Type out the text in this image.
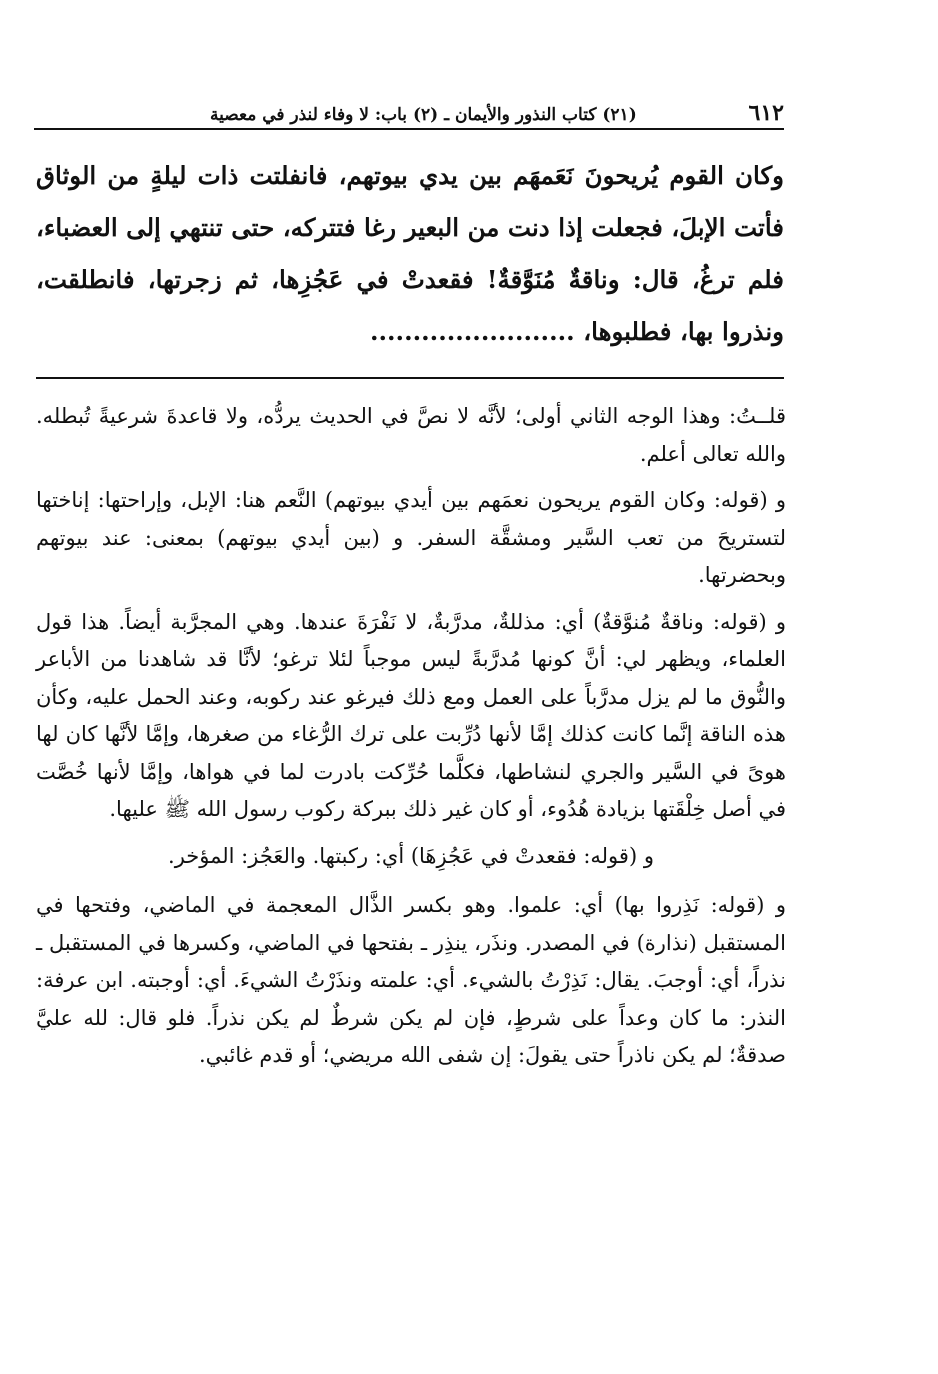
٦١٢
(٢١) كتاب النذور والأيمان ـ (٢) باب: لا وفاء لنذر في معصية

وكان القوم يُريحونَ نَعَمهَم بين يدي بيوتهم، فانفلتت ذات ليلةٍ من الوثاق فأتت الإبلَ، فجعلت إذا دنت من البعير رغا فتتركه، حتى تنتهي إلى العضباء، فلم ترغُ، قال: وناقةٌ مُنَوَّقةٌ! فقعدتْ في عَجُزِها، ثم زجرتها، فانطلقت، ونذروا بها، فطلبوها، ........................

قلــتُ: وهذا الوجه الثاني أولى؛ لأنَّه لا نصَّ في الحديث يردُّه، ولا قاعدةَ شرعيةً تُبطله. والله تعالى أعلم.

و (قوله: وكان القوم يريحون نعمَهم بين أيدي بيوتهم) النَّعم هنا: الإبل، وإراحتها: إناختها لتستريحَ من تعب السَّير ومشقَّة السفر. و (بين أيدي بيوتهم) بمعنى: عند بيوتهم وبحضرتها.

و (قوله: وناقةٌ مُنوَّقةٌ) أي: مذللةٌ، مدرَّبةٌ، لا نَفْرَةَ عندها. وهي المجرَّبة أيضاً. هذا قول العلماء، ويظهر لي: أنَّ كونها مُدرَّبةً ليس موجباً لئلا ترغو؛ لأنَّا قد شاهدنا من الأباعر والنُّوق ما لم يزل مدرَّباً على العمل ومع ذلك فيرغو عند ركوبه، وعند الحمل عليه، وكأن هذه الناقة إنَّما كانت كذلك إمَّا لأنها دُرِّبت على ترك الرُّغاء من صغرها، وإمَّا لأنَّها كان لها هوىً في السَّير والجري لنشاطها، فكلَّما حُرِّكت بادرت لما في هواها، وإمَّا لأنها خُصَّت في أصل خِلْقَتها بزيادة هُدُوء، أو كان غير ذلك ببركة ركوب رسول الله ﷺ عليها.

و (قوله: فقعدتْ في عَجُزِهَا) أي: ركبتها. والعَجُز: المؤخر.

و (قوله: نَذِروا بها) أي: علموا. وهو بكسر الذَّال المعجمة في الماضي، وفتحها في المستقبل (نذارة) في المصدر. ونذَر، ينذِر ـ بفتحها في الماضي، وكسرها في المستقبل ـ نذراً، أي: أوجبَ. يقال: نَذِرْتُ بالشيء. أي: علمته ونذَرْتُ الشيءَ. أي: أوجبته. ابن عرفة: النذر: ما كان وعداً على شرطٍ، فإن لم يكن شرطٌ لم يكن نذراً. فلو قال: لله عليَّ صدقةٌ؛ لم يكن ناذراً حتى يقولَ: إن شفى الله مريضي؛ أو قدم غائبي.
